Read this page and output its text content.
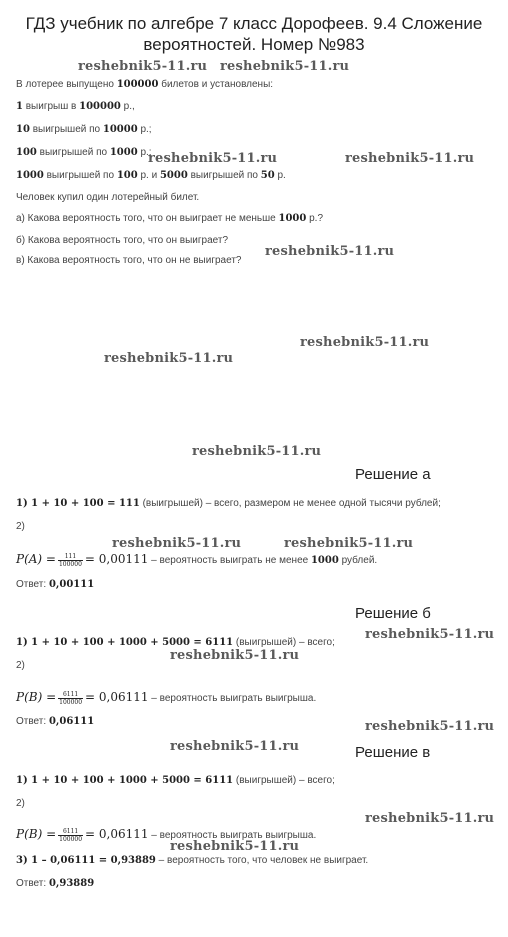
ГДЗ учебник по алгебре 7 класс Дорофеев. 9.4 Сложение
вероятностей. Номер №983
В лотерее выпущено 100000 билетов и установлены:
1 выигрыш в 100000 р.,
10 выигрышей по 10000 р.;
100 выигрышей по 1000 р.;
1000 выигрышей по 100 р. и 5000 выигрышей по 50 р.
Человек купил один лотерейный билет.
а) Какова вероятность того, что он выиграет не меньше 1000 р.?
б) Какова вероятность того, что он выиграет?
в) Какова вероятность того, что он не выиграет?
Решение а
1) 1 + 10 + 100 = 111 (выигрышей) – всего, размером не менее одной тысячи рублей;
2)
$P(A) = \frac{111}{100000} = 0,00111$ – вероятность выиграть не менее 1000 рублей.
Ответ: 0,00111
Решение б
1) 1 + 10 + 100 + 1000 + 5000 = 6111 (выигрышей) – всего;
2)
$P(B) = \frac{6111}{100000} = 0,06111$ – вероятность выиграть выигрыша.
Ответ: 0,06111
Решение в
1) 1 + 10 + 100 + 1000 + 5000 = 6111 (выигрышей) – всего;
2)
$P(B) = \frac{6111}{100000} = 0,06111$ – вероятность выиграть выигрыша.
3) 1 – 0,06111 = 0,93889 – вероятность того, что человек не выиграет.
Ответ: 0,93889
reshebnik5-11.ru reshebnik5-11.ru
reshebnik5-11.ru	reshebnik5-11.ru
reshebnik5-11.ru
reshebnik5-11.ru
reshebnik5-11.ru
reshebnik5-11.ru
reshebnik5-11.ru	reshebnik5-11.ru
reshebnik5-11.ru
reshebnik5-11.ru
reshebnik5-11.ru
reshebnik5-11.ru
reshebnik5-11.ru
reshebnik5-11.ru
